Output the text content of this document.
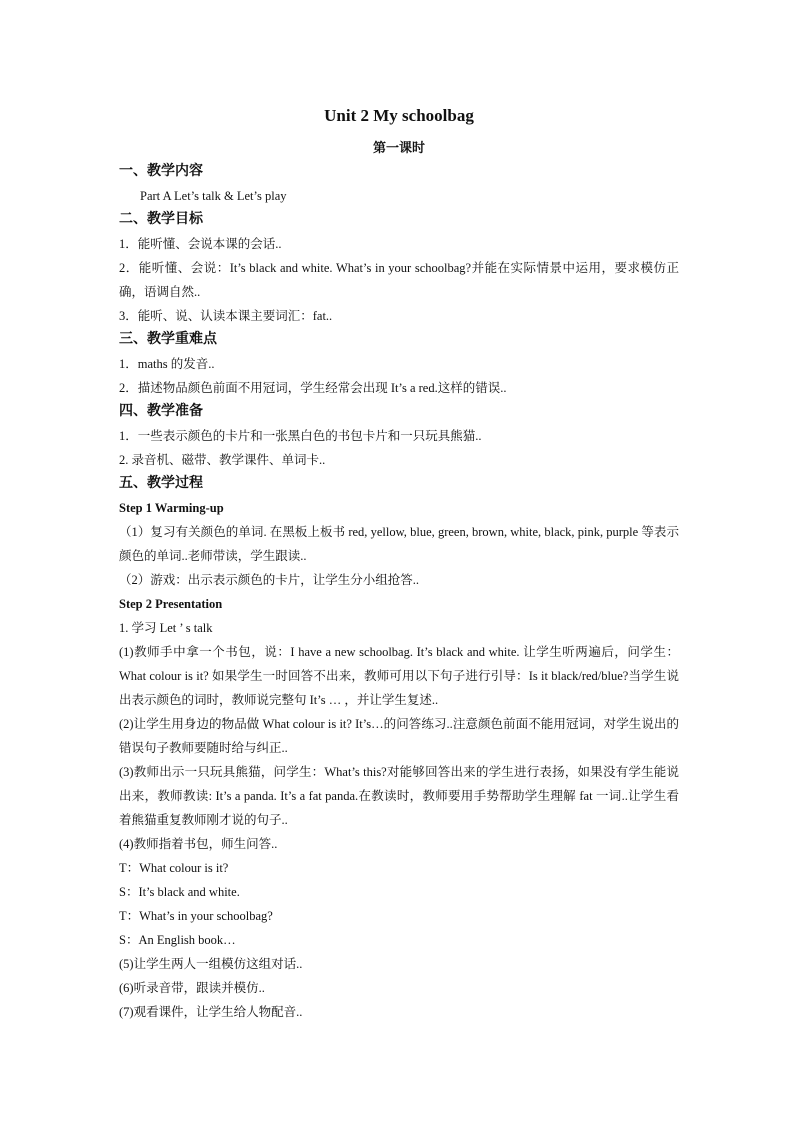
Unit 2 My schoolbag
第一课时
一、教学内容

Part A Let’s talk & Let’s play

二、教学目标

1．能听懂、会说本课的会话..

2．能听懂、会说：It’s black and white. What’s in your schoolbag?并能在实际情景中运用，要求模仿正确，语调自然..

3．能听、说、认读本课主要词汇：fat..

三、教学重难点

1．maths 的发音..

2．描述物品颜色前面不用冠词，学生经常会出现 It’s a red.这样的错误..

四、教学准备

1．一些表示颜色的卡片和一张黑白色的书包卡片和一只玩具熊猫..

2. 录音机、磁带、教学课件、单词卡..

五、教学过程
Step 1 Warming-up

（1）复习有关颜色的单词. 在黑板上板书 red, yellow, blue, green, brown, white, black, pink, purple 等表示颜色的单词..老师带读，学生跟读..

（2）游戏：出示表示颜色的卡片，让学生分小组抢答..

Step 2 Presentation

1. 学习 Let ’ s talk

(1)教师手中拿一个书包，说：I have a new schoolbag. It’s black and white. 让学生听两遍后，问学生：What colour is it? 如果学生一时回答不出来，教师可用以下句子进行引导：Is it black/red/blue?当学生说出表示颜色的词时，教师说完整句 It’s … ，并让学生复述..

(2)让学生用身边的物品做 What colour is it? It’s…的问答练习..注意颜色前面不能用冠词，对学生说出的错误句子教师要随时给与纠正..

(3)教师出示一只玩具熊猫，问学生：What’s this?对能够回答出来的学生进行表扬，如果没有学生能说出来，教师教读: It’s a panda. It’s a fat panda.在教读时，教师要用手势帮助学生理解 fat 一词..让学生看着熊猫重复教师刚才说的句子..

(4)教师指着书包，师生问答..

T：What colour is it?

S：It’s black and white.

T：What’s in your schoolbag?

S：An English book…

(5)让学生两人一组模仿这组对话..

(6)听录音带，跟读并模仿..

(7)观看课件，让学生给人物配音..
